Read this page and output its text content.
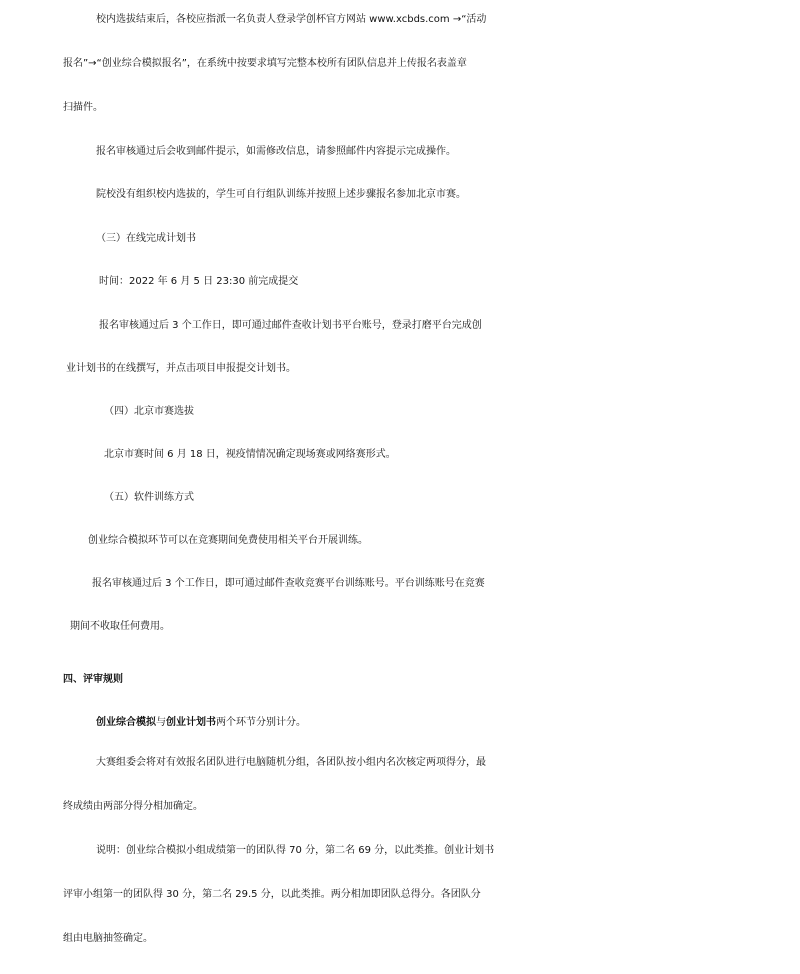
校内选拔结束后，各校应指派一名负责人登录学创杯官方网站 www.xcbds.com →“活动
报名”→“创业综合模拟报名”，在系统中按要求填写完整本校所有团队信息并上传报名表盖章
扫描件。
报名审核通过后会收到邮件提示，如需修改信息，请参照邮件内容提示完成操作。
院校没有组织校内选拔的，学生可自行组队训练并按照上述步骤报名参加北京市赛。
（三）在线完成计划书
时间：2022 年 6 月 5 日 23:30 前完成提交
报名审核通过后 3 个工作日，即可通过邮件查收计划书平台账号，登录打磨平台完成创
业计划书的在线撰写，并点击项目申报提交计划书。
（四）北京市赛选拔
北京市赛时间 6 月 18 日，视疫情情况确定现场赛或网络赛形式。
（五）软件训练方式
创业综合模拟环节可以在竞赛期间免费使用相关平台开展训练。
报名审核通过后 3 个工作日，即可通过邮件查收竞赛平台训练账号。平台训练账号在竞赛
期间不收取任何费用。
四、评审规则
创业综合模拟与创业计划书两个环节分别计分。
大赛组委会将对有效报名团队进行电脑随机分组，各团队按小组内名次核定两项得分，最
终成绩由两部分得分相加确定。
说明：创业综合模拟小组成绩第一的团队得 70 分，第二名 69 分，以此类推。创业计划书
评审小组第一的团队得 30 分，第二名 29.5 分，以此类推。两分相加即团队总得分。各团队分
组由电脑抽签确定。
